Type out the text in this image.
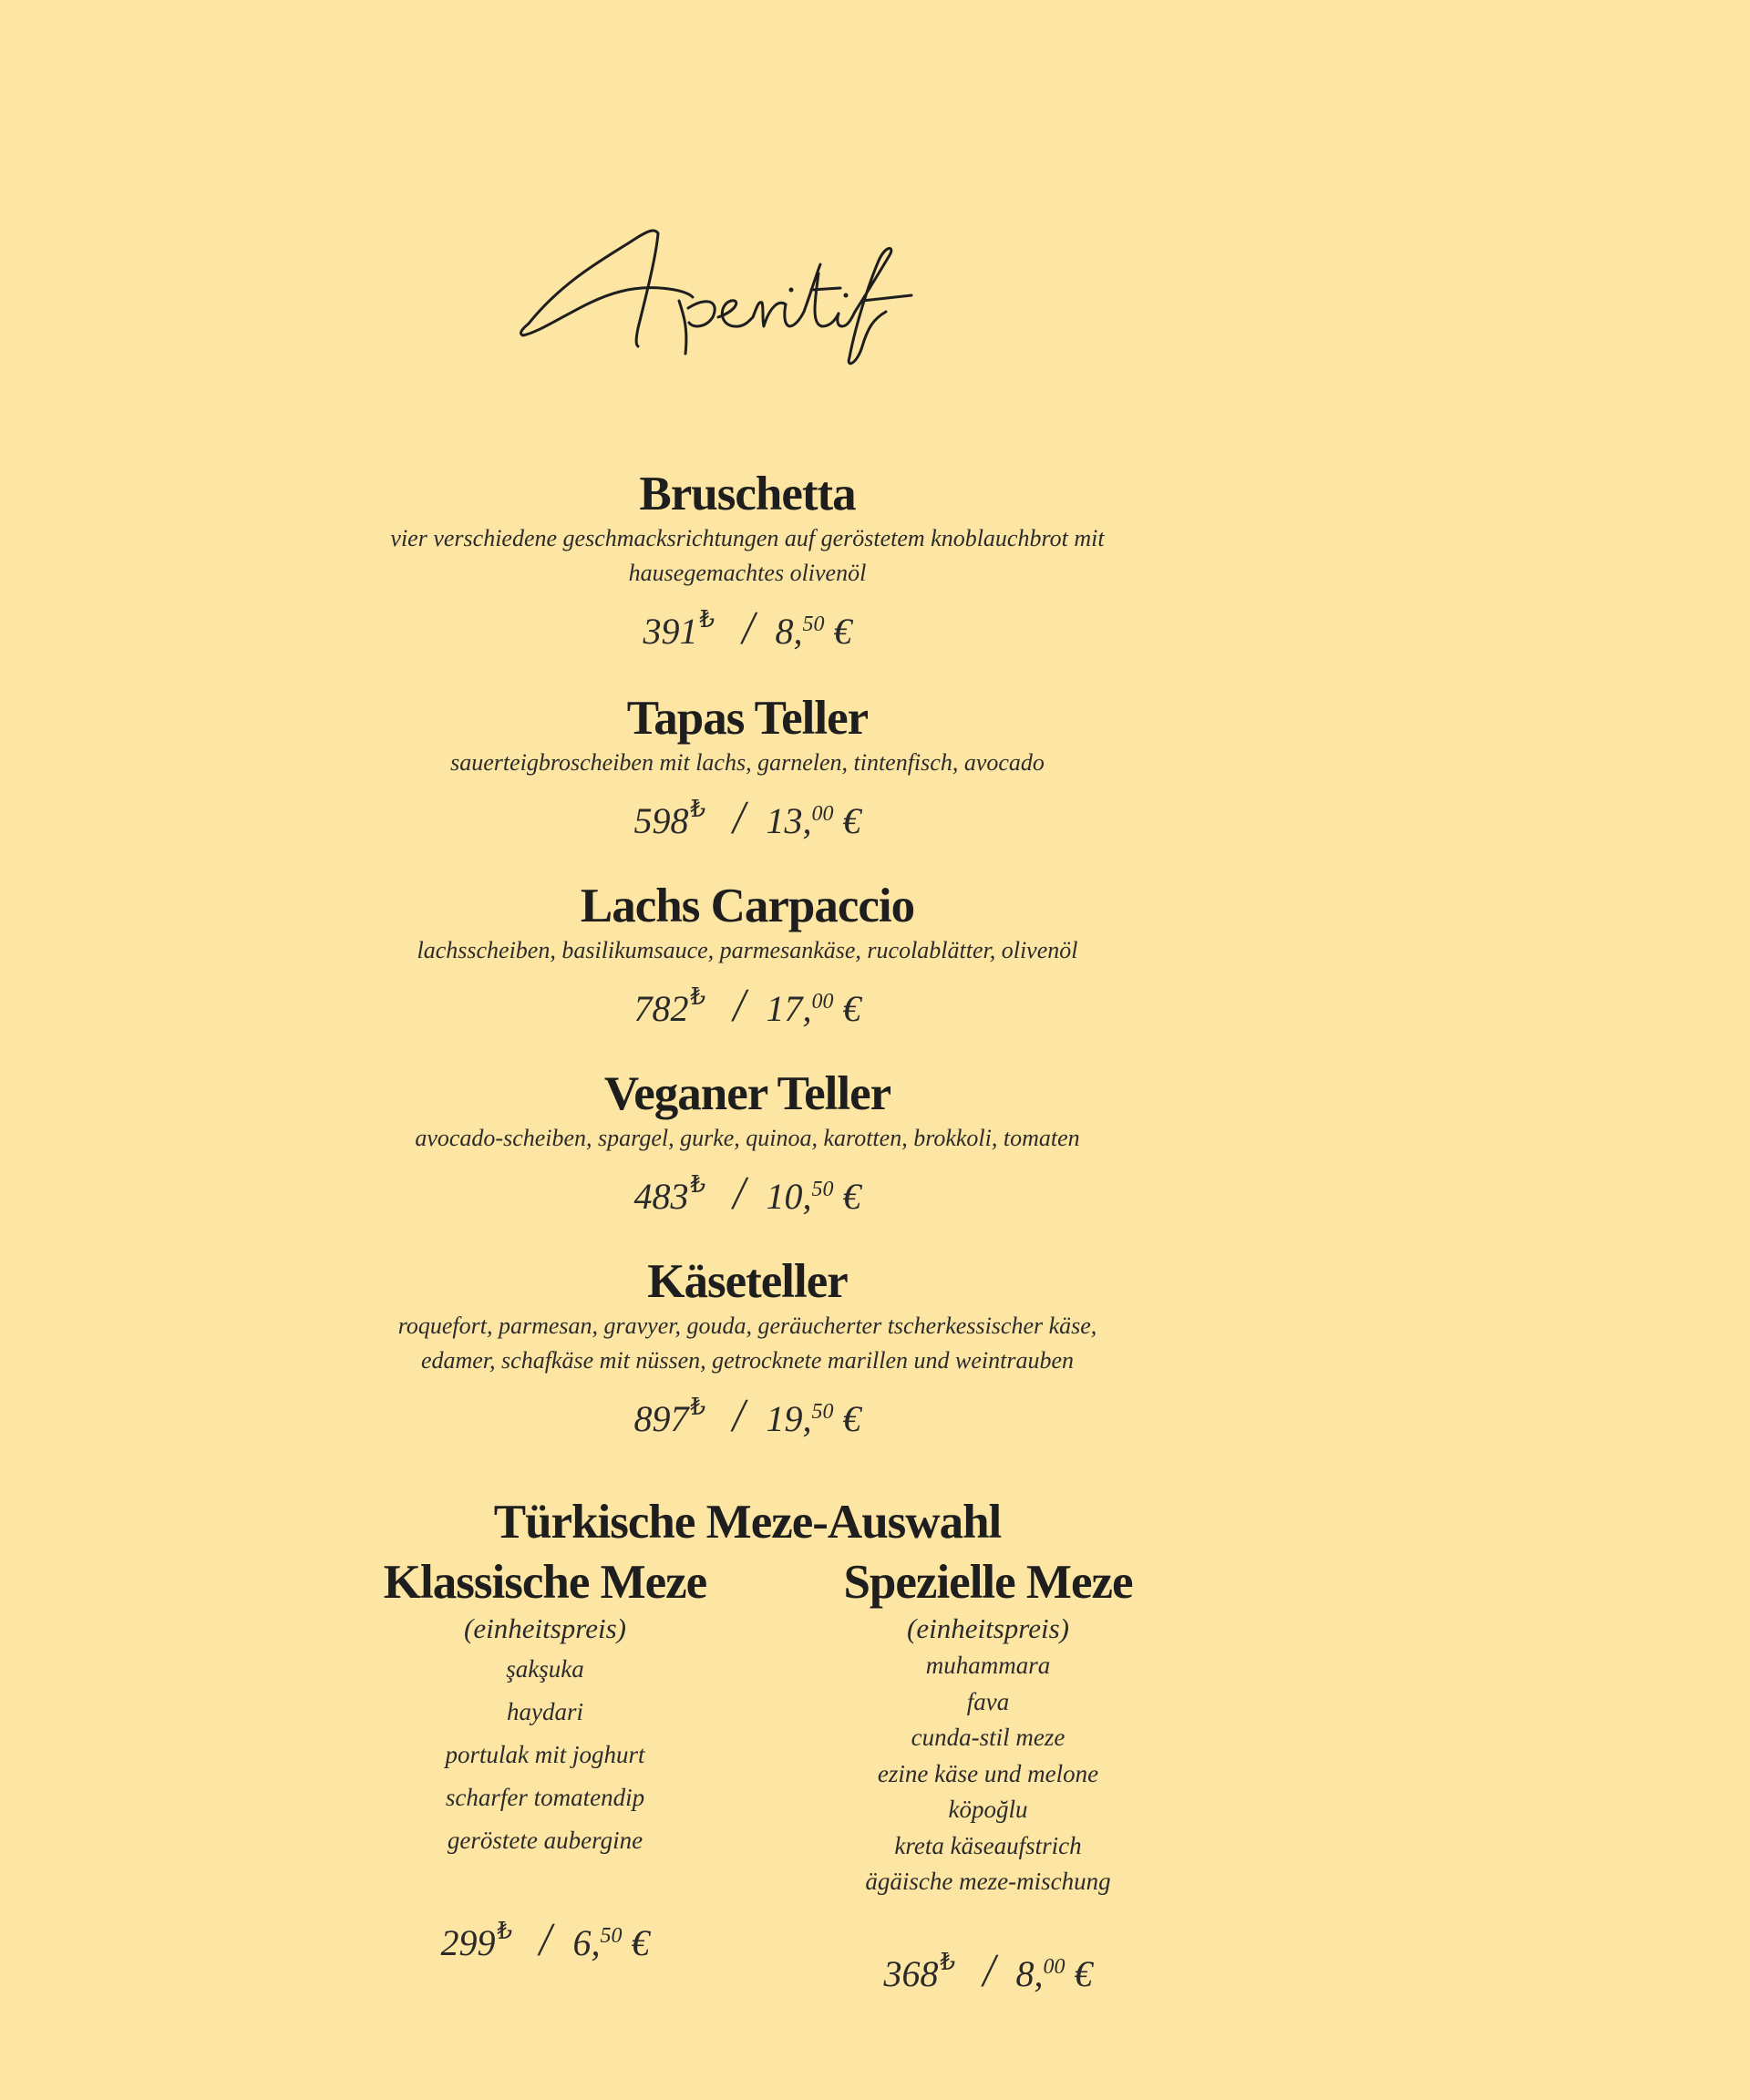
Bruschetta
vier verschiedene geschmacksrichtungen auf geröstetem knoblauchbrot mit
hausegemachtes olivenöl
391₺ / 8,50 €
Tapas Teller
sauerteigbroscheiben mit lachs, garnelen, tintenfisch, avocado
598₺ / 13,00 €
Lachs Carpaccio
lachsscheiben, basilikumsauce, parmesankäse, rucolablätter, olivenöl
782₺ / 17,00 €
Veganer Teller
avocado-scheiben, spargel, gurke, quinoa, karotten, brokkoli, tomaten
483₺ / 10,50 €
Käseteller
roquefort, parmesan, gravyer, gouda, geräucherter tscherkessischer käse,
edamer, schafkäse mit nüssen, getrocknete marillen und weintrauben
897₺ / 19,50 €
Türkische Meze-Auswahl
Klassische Meze
(einheitspreis)
şakşuka
haydari
portulak mit joghurt
scharfer tomatendip
geröstete aubergine
299₺ / 6,50 €
Spezielle Meze
(einheitspreis)
muhammara
fava
cunda-stil meze
ezine käse und melone
köpoğlu
kreta käseaufstrich
ägäische meze-mischung
368₺ / 8,00 €
